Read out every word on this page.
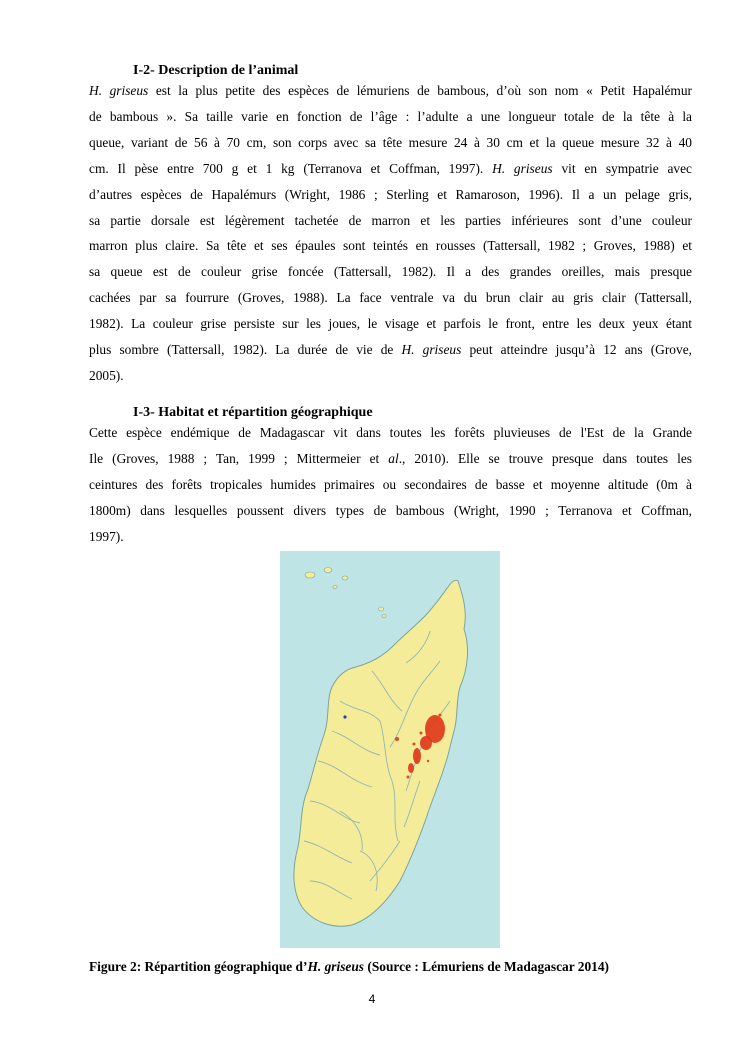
I-2- Description de l’animal
H. griseus est la plus petite des espèces de lémuriens de bambous, d’où son nom « Petit Hapalémur
de bambous ». Sa taille varie en fonction de l’âge : l’adulte a une longueur totale de la tête à la
queue, variant de 56 à 70 cm, son corps avec sa tête mesure 24 à 30 cm et la queue mesure 32 à 40
cm. Il pèse entre 700 g et 1 kg (Terranova et Coffman, 1997). H. griseus vit en sympatrie avec
d’autres espèces de Hapalémurs (Wright, 1986 ; Sterling et Ramaroson, 1996). Il a un pelage gris,
sa partie dorsale est légèrement tachetée de marron et les parties inférieures sont d’une couleur
marron plus claire. Sa tête et ses épaules sont teintés en rousses (Tattersall, 1982 ; Groves, 1988) et
sa queue est de couleur grise foncée (Tattersall, 1982). Il a des grandes oreilles, mais presque
cachées par sa fourrure (Groves, 1988). La face ventrale va du brun clair au gris clair (Tattersall,
1982). La couleur grise persiste sur les joues, le visage et parfois le front, entre les deux yeux étant
plus sombre (Tattersall, 1982). La durée de vie de H. griseus peut atteindre jusqu’à 12 ans (Grove,
2005).
I-3- Habitat et répartition géographique
Cette espèce endémique de Madagascar vit dans toutes les forêts pluvieuses de l'Est de la Grande
Ile (Groves, 1988 ; Tan, 1999 ; Mittermeier et al., 2010). Elle se trouve presque dans toutes les
ceintures des forêts tropicales humides primaires ou secondaires de basse et moyenne altitude (0m à
1800m) dans lesquelles poussent divers types de bambous (Wright, 1990 ; Terranova et Coffman,
1997).
Figure 2: Répartition géographique d’H. griseus (Source : Lémuriens de Madagascar 2014)
4
